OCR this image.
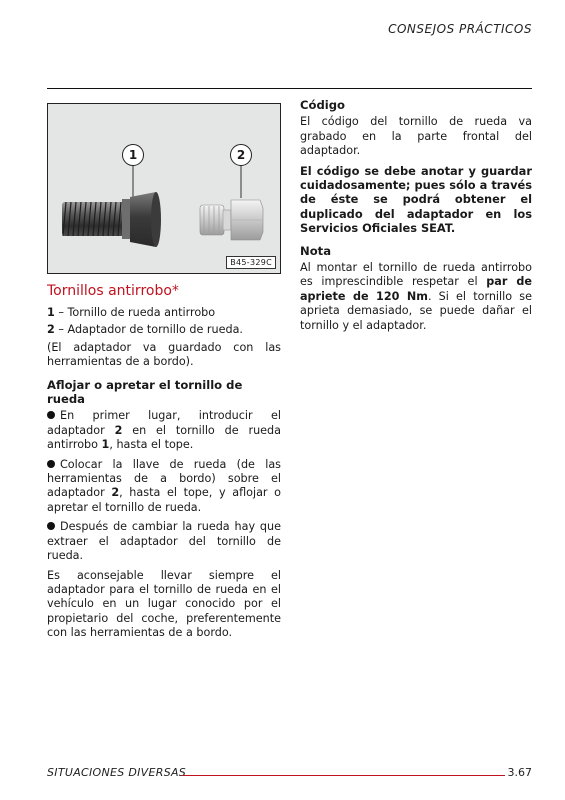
CONSEJOS PRÁCTICOS
1	2
B45-329C
Tornillos antirrobo*
1 – Tornillo de rueda antirrobo
2 – Adaptador de tornillo de rueda.

(El adaptador va guardado con las herramientas de a bordo).

Aflojar o apretar el tornillo de rueda

En primer lugar, introducir el adaptador 2 en el tornillo de rueda antirrobo 1, hasta el tope.

Colocar la llave de rueda (de las herramientas de a bordo) sobre el adaptador 2, hasta el tope, y aflojar o apretar el tornillo de rueda.

Después de cambiar la rueda hay que extraer el adaptador del tornillo de rueda.

Es aconsejable llevar siempre el adaptador para el tornillo de rueda en el vehículo en un lugar conocido por el propietario del coche, preferentemente con las herramientas de a bordo.

Código

El código del tornillo de rueda va grabado en la parte frontal del adaptador.

El código se debe anotar y guardar cuidadosamente; pues sólo a través de éste se podrá obtener el duplicado del adaptador en los Servicios Oficiales SEAT.

Nota

Al montar el tornillo de rueda antirrobo es imprescindible respetar el par de apriete de 120 Nm. Si el tornillo se aprieta demasiado, se puede dañar el tornillo y el adaptador.

SITUACIONES DIVERSAS	3.67
